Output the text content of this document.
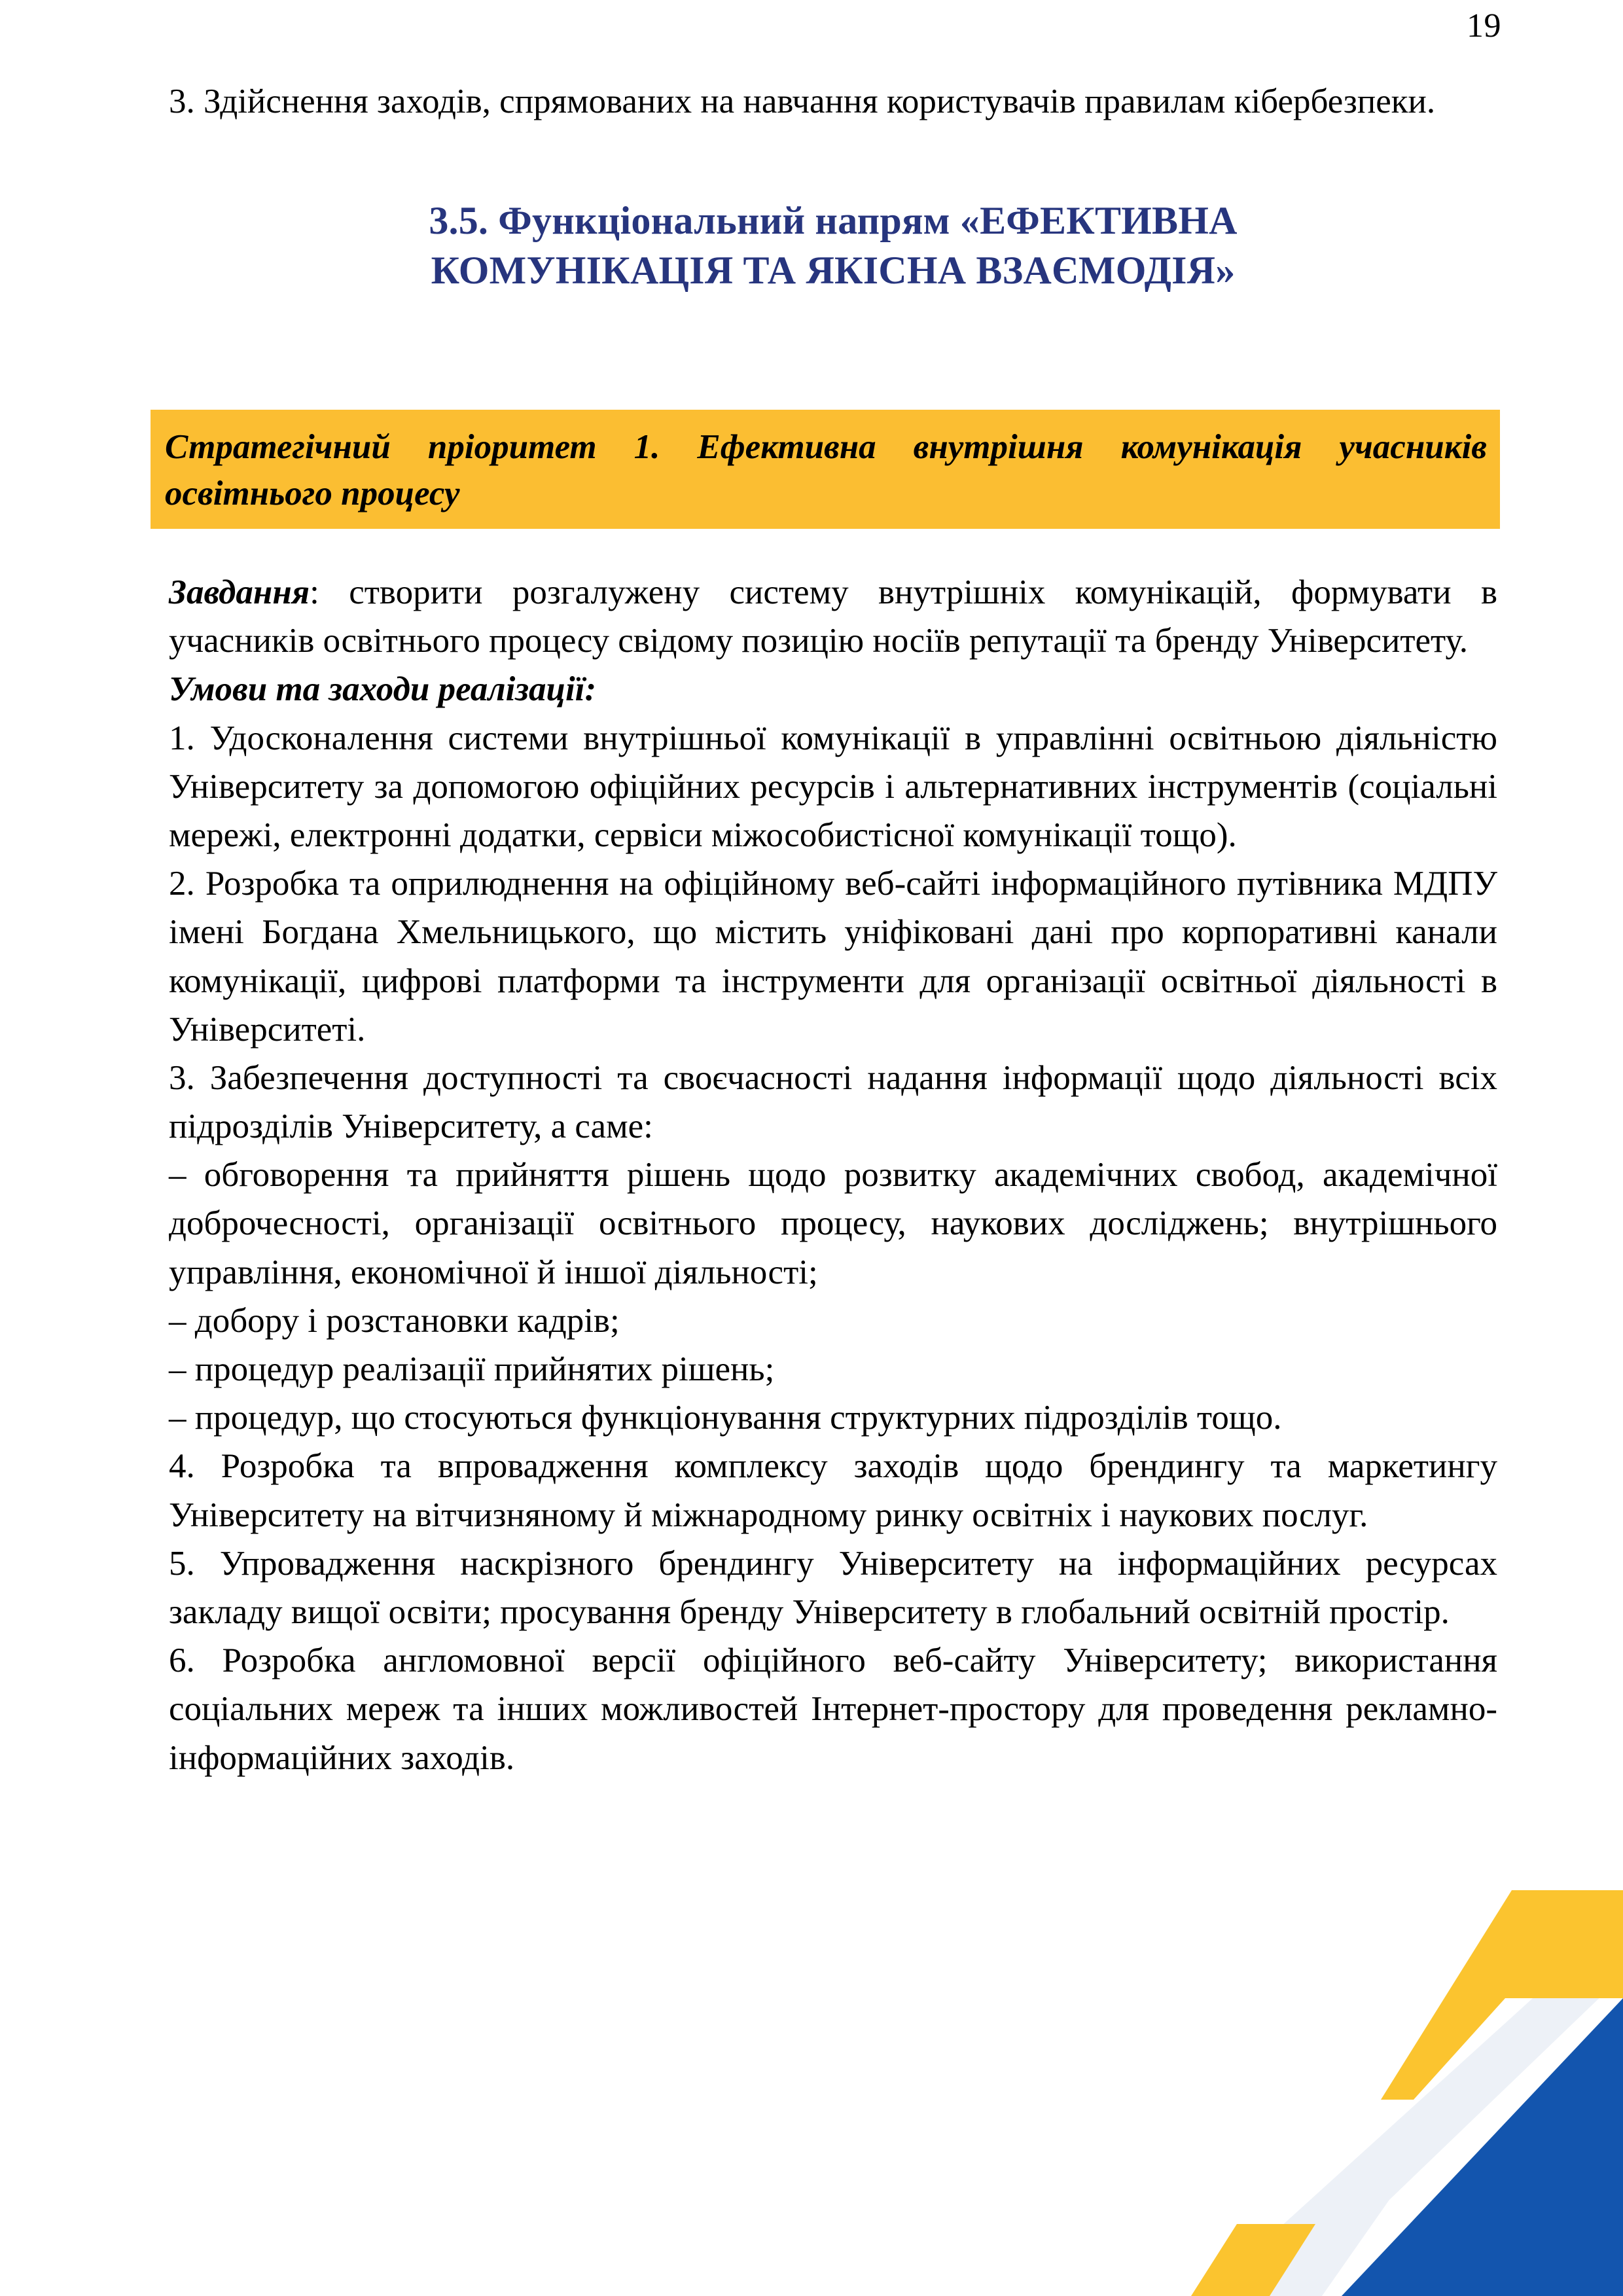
19

3. Здійснення заходів, спрямованих на навчання користувачів правилам кібербезпеки.

3.5. Функціональний напрям «ЕФЕКТИВНА
КОМУНІКАЦІЯ ТА ЯКІСНА ВЗАЄМОДІЯ»

Стратегічний пріоритет 1. Ефективна внутрішня комунікація учасників освітнього процесу

Завдання: створити розгалужену систему внутрішніх комунікацій, формувати в учасників освітнього процесу свідому позицію носіїв репутації та бренду Університету.

Умови та заходи реалізації:

1. Удосконалення системи внутрішньої комунікації в управлінні освітньою діяльністю Університету за допомогою офіційних ресурсів і альтернативних інструментів (соціальні мережі, електронні додатки, сервіси міжособистісної комунікації тощо).

2. Розробка та оприлюднення на офіційному веб-сайті інформаційного путівника МДПУ імені Богдана Хмельницького, що містить уніфіковані дані про корпоративні канали комунікації, цифрові платформи та інструменти для організації освітньої діяльності в Університеті.

3. Забезпечення доступності та своєчасності надання інформації щодо діяльності всіх підрозділів Університету, а саме:

– обговорення та прийняття рішень щодо розвитку академічних свобод, академічної доброчесності, організації освітнього процесу, наукових досліджень; внутрішнього управління, економічної й іншої діяльності;

– добору і розстановки кадрів;

– процедур реалізації прийнятих рішень;

– процедур, що стосуються функціонування структурних підрозділів тощо.

4. Розробка та впровадження комплексу заходів щодо брендингу та маркетингу Університету на вітчизняному й міжнародному ринку освітніх і наукових послуг.

5. Упровадження наскрізного брендингу Університету на інформаційних ресурсах закладу вищої освіти; просування бренду Університету в глобальний освітній простір.

6. Розробка англомовної версії офіційного веб-сайту Університету; використання соціальних мереж та інших можливостей Інтернет-простору для проведення рекламно-інформаційних заходів.
